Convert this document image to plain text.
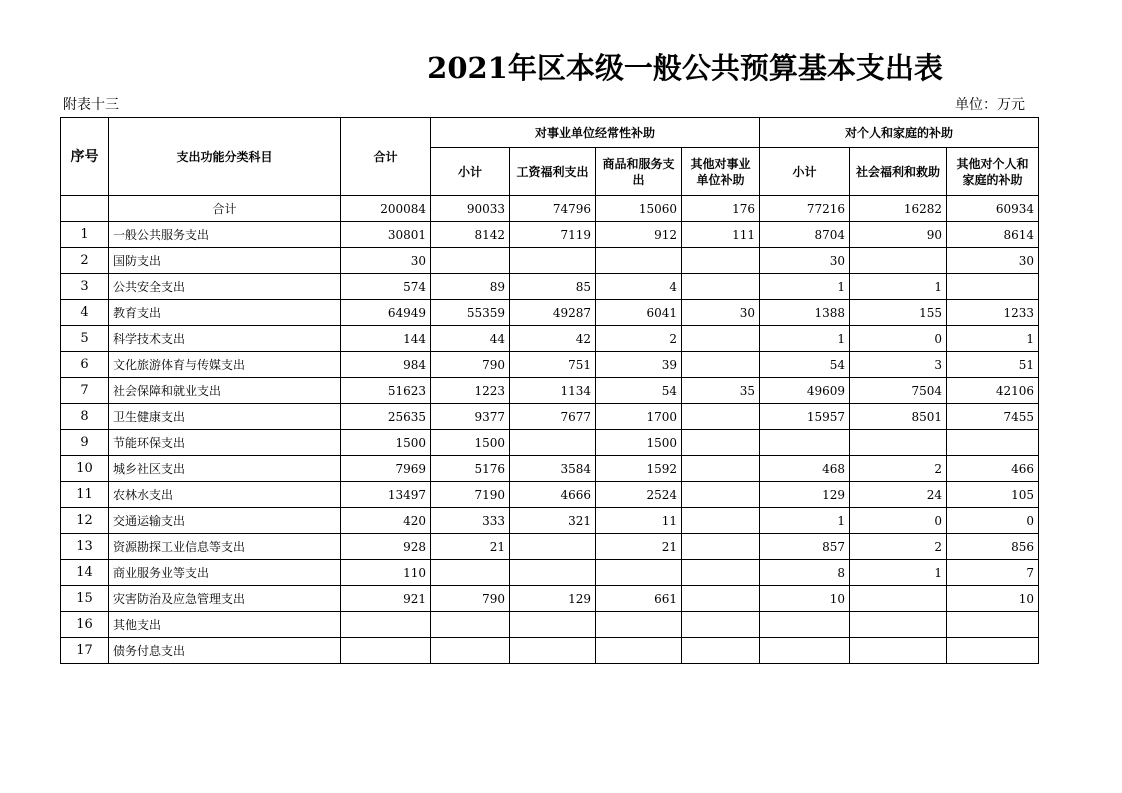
2021年区本级一般公共预算基本支出表
附表十三	单位：万元
序号	支出功能分类科目	合计	对事业单位经常性补助				对个人和家庭的补助		
			小计	工资福利支出	商品和服务支出	其他对事业单位补助	小计	社会福利和救助	其他对个人和家庭的补助
	合计	200084	90033	74796	15060	176	77216	16282	60934
1	一般公共服务支出	30801	8142	7119	912	111	8704	90	8614
2	国防支出	30					30		30
3	公共安全支出	574	89	85	4		1	1	
4	教育支出	64949	55359	49287	6041	30	1388	155	1233
5	科学技术支出	144	44	42	2		1	0	1
6	文化旅游体育与传媒支出	984	790	751	39		54	3	51
7	社会保障和就业支出	51623	1223	1134	54	35	49609	7504	42106
8	卫生健康支出	25635	9377	7677	1700		15957	8501	7455
9	节能环保支出	1500	1500		1500				
10	城乡社区支出	7969	5176	3584	1592		468	2	466
11	农林水支出	13497	7190	4666	2524		129	24	105
12	交通运输支出	420	333	321	11		1	0	0
13	资源勘探工业信息等支出	928	21		21		857	2	856
14	商业服务业等支出	110					8	1	7
15	灾害防治及应急管理支出	921	790	129	661		10		10
16	其他支出								
17	债务付息支出								
